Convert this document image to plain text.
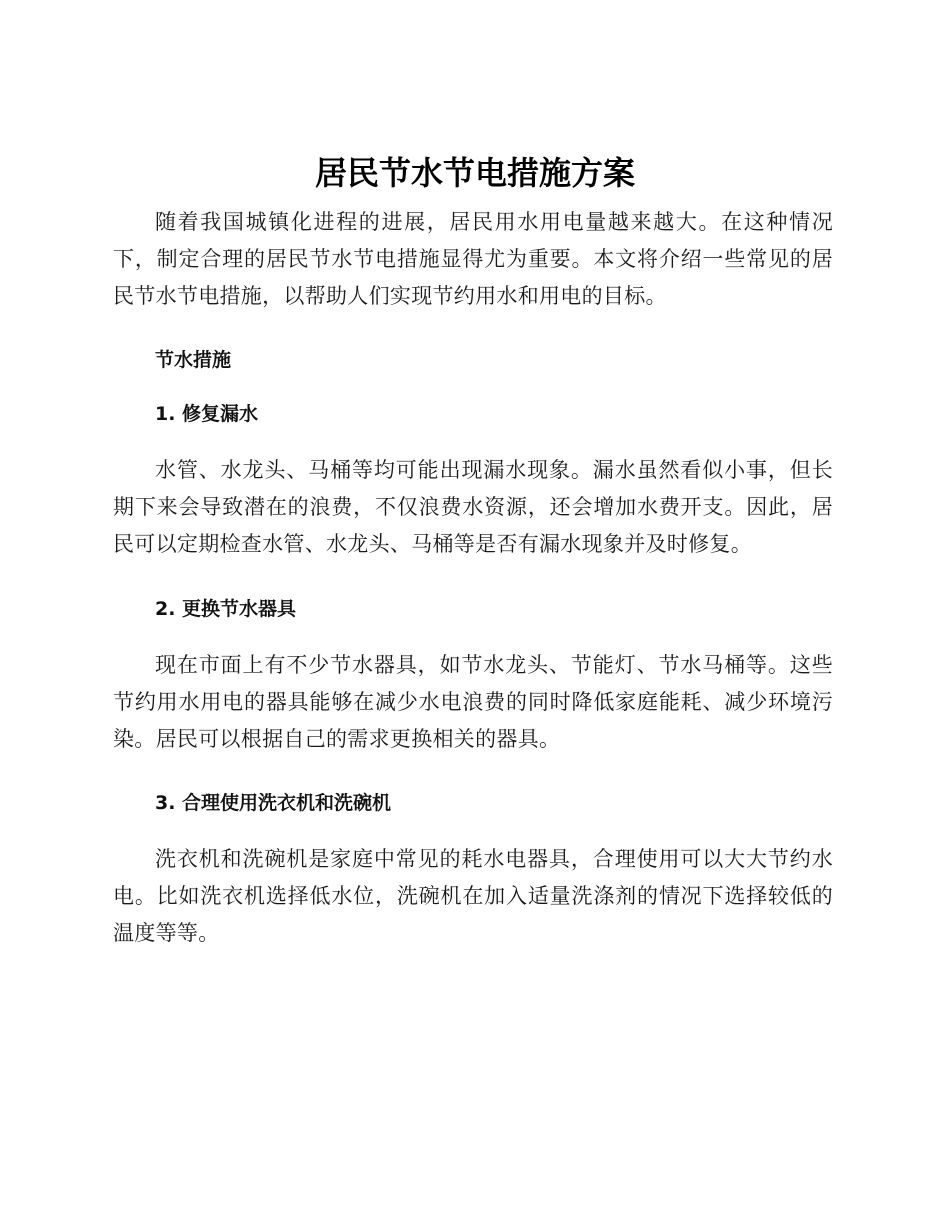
居民节水节电措施方案

随着我国城镇化进程的进展，居民用水用电量越来越大。在这种情况下，制定合理的居民节水节电措施显得尤为重要。本文将介绍一些常见的居民节水节电措施，以帮助人们实现节约用水和用电的目标。

节水措施
1. 修复漏水

水管、水龙头、马桶等均可能出现漏水现象。漏水虽然看似小事，但长期下来会导致潜在的浪费，不仅浪费水资源，还会增加水费开支。因此，居民可以定期检查水管、水龙头、马桶等是否有漏水现象并及时修复。

2. 更换节水器具

现在市面上有不少节水器具，如节水龙头、节能灯、节水马桶等。这些节约用水用电的器具能够在减少水电浪费的同时降低家庭能耗、减少环境污染。居民可以根据自己的需求更换相关的器具。

3. 合理使用洗衣机和洗碗机

洗衣机和洗碗机是家庭中常见的耗水电器具，合理使用可以大大节约水电。比如洗衣机选择低水位，洗碗机在加入适量洗涤剂的情况下选择较低的温度等等。
